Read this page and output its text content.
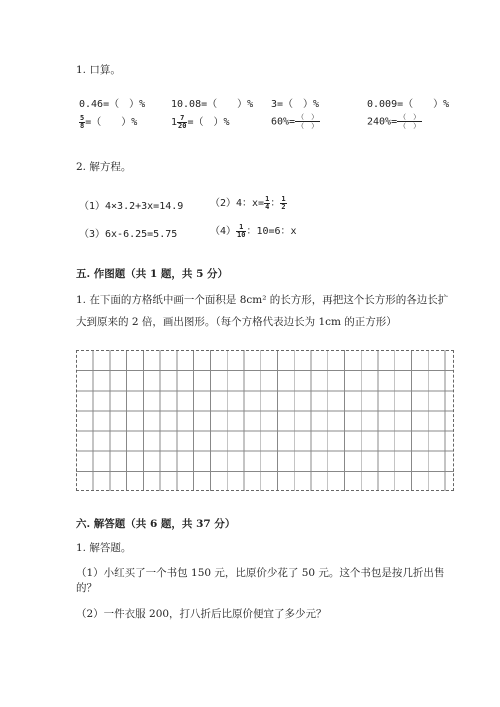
1. 口算。
0.46=（　）%	10.08=（　　）% 3=（　）%	0.009=（　　）%
$\frac{5}{8}$ =（　　）%	$1 \frac{7}{20}$ =（　）%	$60\%= \frac{( )}{( )}$	$240\%= \frac{( )}{( )}$
2. 解方程。
（1）4×3.2+3x=14.9	（2）4：$x= \frac{1}{4}$ ： $\frac{1}{2}$
（3）6x-6.25=5.75	$(4) \frac{1}{10}$ ：10=6：x
五. 作图题（共 1 题，共 5 分）
1. 在下面的方格纸中画一个面积是 8cm² 的长方形，再把这个长方形的各边长扩
大到原来的 2 倍，画出图形。（每个方格代表边长为 1cm 的正方形）
六. 解答题（共 6 题，共 37 分）
1. 解答题。
（1）小红买了一个书包 150 元，比原价少花了 50 元。这个书包是按几折出售
的？
（2）一件衣服 200，打八折后比原价便宜了多少元？
